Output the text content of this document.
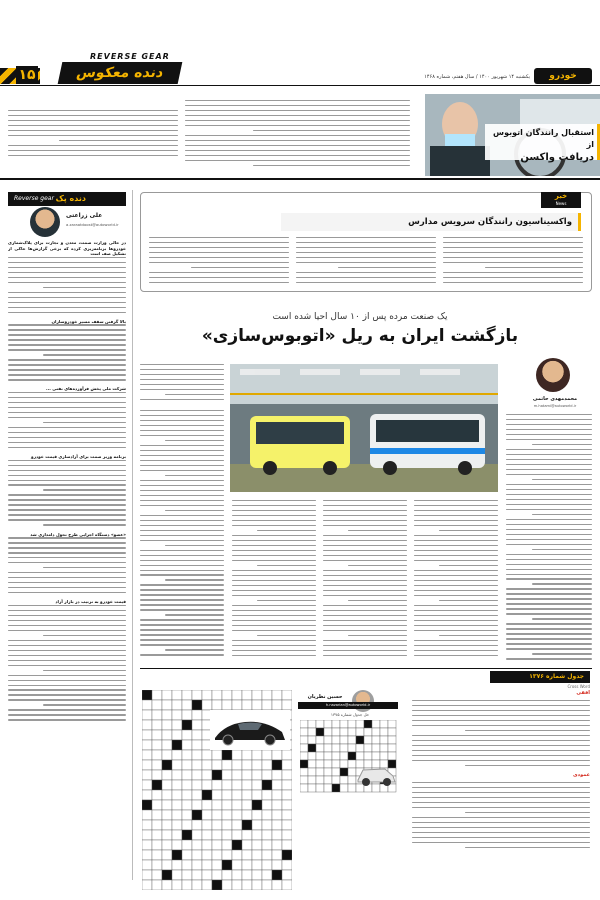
۱۵
REVERSE GEAR
دنده معکوس	یکشنبه ۱۴ شهریور ۱۴۰۰ / سال هفتم، شماره ۱۴۶۸	خودرو
استقبال رانندگان اتوبوس از
دریافت واکسن
دنده پک
Reverse gear
علی زراعتی
a.zaraatdoost@autoworld.ir
در حالی وزارت صمت، معدن و تجارت برای پلاک‌شماری خودروها برنامه‌ریزی کرده که برخی گزارش‌ها حاکی از تشکیل صف است
بالا گرفتن سقف مسیر خودروسازان
شرکت ملی پخش فرآورده‌های نفتی ...
برنامه وزیر صمت برای آزادسازی قیمت خودرو
«عضو» دستگاه اجرایی طرح تحول دامداری شد
قیمت خودرو به ترتیب در بازار آزاد
خبر
News
واکسیناسیون رانندگان سرویس مدارس
یک صنعت مرده پس از ۱۰ سال احیا شده است
بازگشت ایران به ریل «اتوبوس‌سازی»
محمدمهدی حاتمی
m.hatami@autoworld.ir
جدول شماره ۱۳۷۶
Cross Word
حسین نظریان
h.nazarian@autoworld.ir
حل جدول شماره ۱۳۷۵
افقی
عمودی
